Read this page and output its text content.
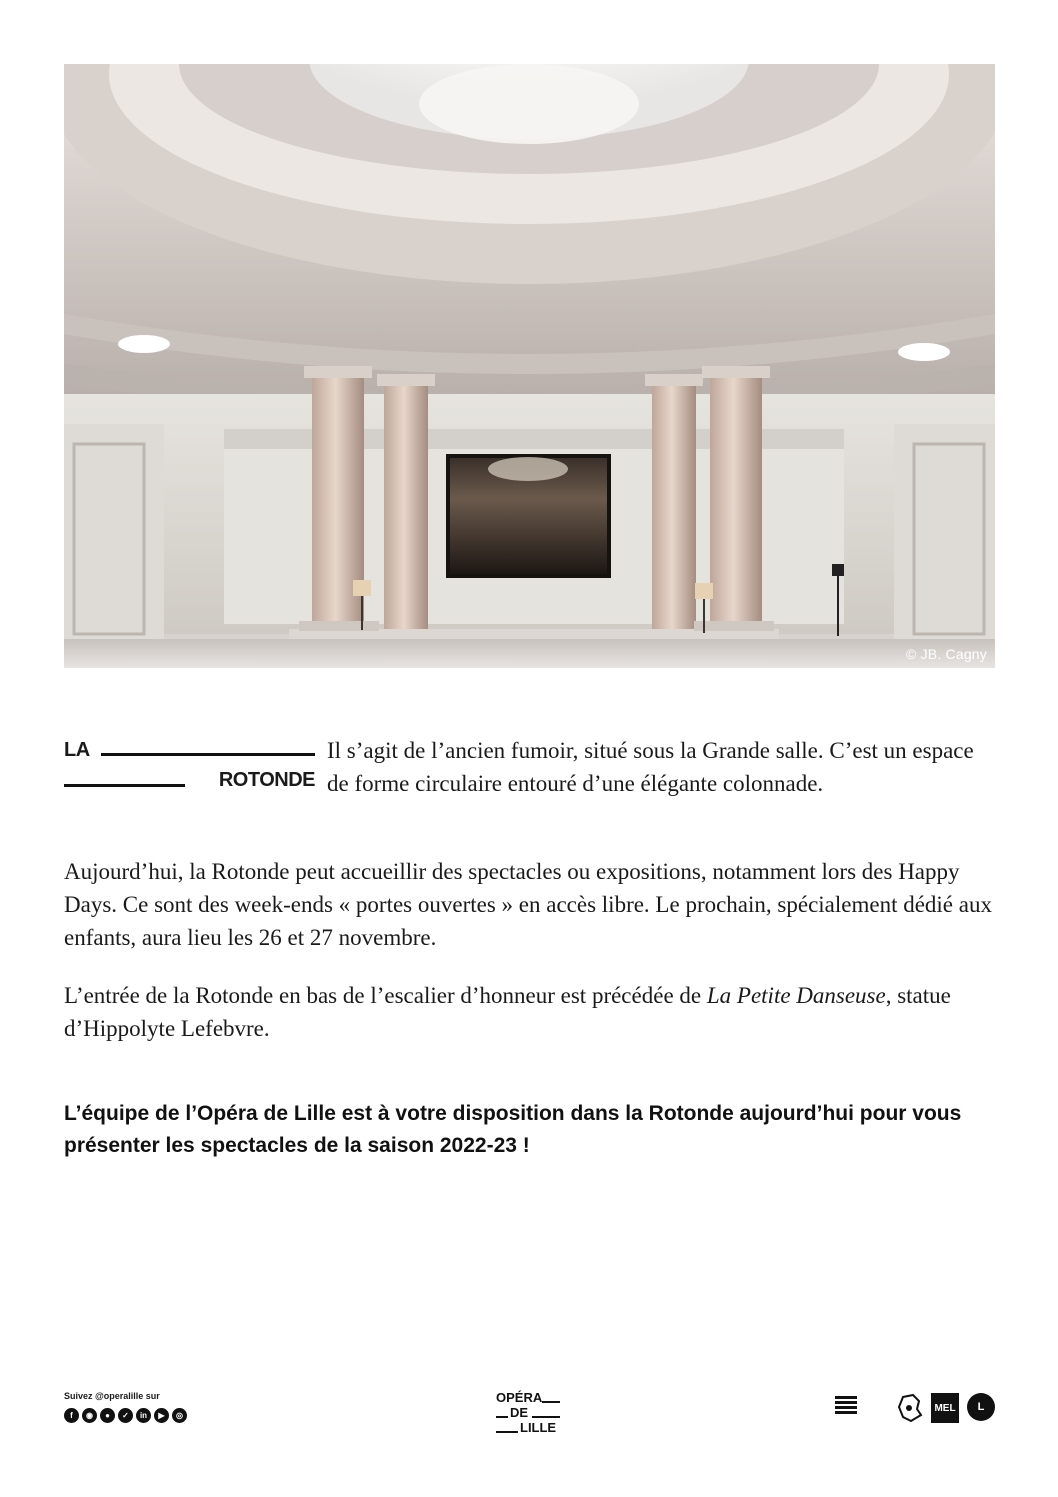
© JB. Cagny
LA
ROTONDE

Il s’agit de l’ancien fumoir, situé sous la Grande salle. C’est un espace de forme circulaire entouré d’une élégante colonnade.

Aujourd’hui, la Rotonde peut accueillir des spectacles ou expositions, notamment lors des Happy Days. Ce sont des week-ends « portes ouvertes » en accès libre. Le prochain, spécialement dédié aux enfants, aura lieu les 26 et 27 novembre.

L’entrée de la Rotonde en bas de l’escalier d’honneur est précédée de La Petite Danseuse, statue d’Hippolyte Lefebvre.

L’équipe de l’Opéra de Lille est à votre disposition dans la Rotonde aujourd’hui pour vous présenter les spectacles de la saison 2022-23 !

Suivez @operalille sur
f	◉	●	✓	in	▶	◎
OPÉRA
DE
LILLE
MEL	L
